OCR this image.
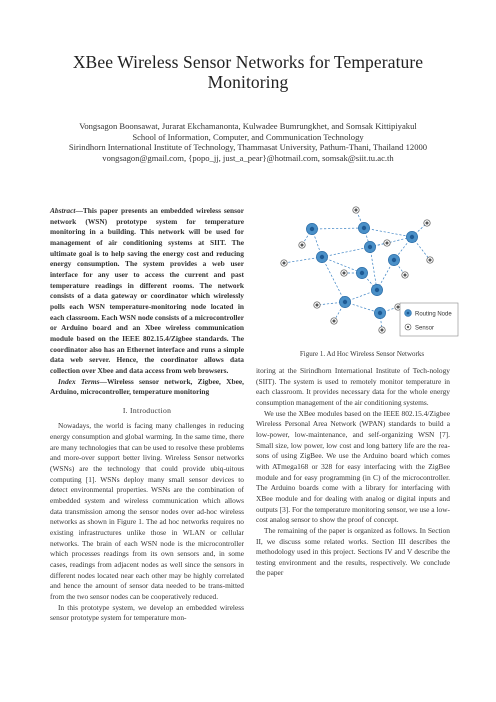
XBee Wireless Sensor Networks for Temperature Monitoring
Vongsagon Boonsawat, Jurarat Ekchamanonta, Kulwadee Bumrungkhet, and Somsak Kittipiyakul
School of Information, Computer, and Communication Technology
Sirindhorn International Institute of Technology, Thammasat University, Pathum-Thani, Thailand 12000
vongsagon@gmail.com, {popo_jj, just_a_pear}@hotmail.com, somsak@siit.tu.ac.th
Abstract—This paper presents an embedded wireless sensor network (WSN) prototype system for temperature monitoring in a building. This network will be used for management of air conditioning systems at SIIT. The ultimate goal is to help saving the energy cost and reducing energy consumption. The system provides a web user interface for any user to access the current and past temperature readings in different rooms. The network consists of a data gateway or coordinator which wirelessly polls each WSN temperature-monitoring node located in each classroom. Each WSN node consists of a microcontroller or Arduino board and an Xbee wireless communication module based on the IEEE 802.15.4/Zigbee standards. The coordinator also has an Ethernet interface and runs a simple data web server. Hence, the coordinator allows data collection over Xbee and data access from web browsers.
Index Terms—Wireless sensor network, Zigbee, Xbee, Arduino, microcontroller, temperature monitoring
I. Introduction

Nowadays, the world is facing many challenges in reducing energy consumption and global warming. In the same time, there are many technologies that can be used to resolve these problems and more-over support better living. Wireless Sensor networks (WSNs) are the technology that could provide ubiq-uitous computing [1]. WSNs deploy many small sensor devices to detect environmental properties. WSNs are the combination of embedded system and wireless communication which allows data transmission among the sensor nodes over ad-hoc wireless networks as shown in Figure 1. The ad hoc networks requires no existing infrastructures unlike those in WLAN or cellular networks. The brain of each WSN node is the microcontroller which processes readings from its own sensors and, in some cases, readings from adjacent nodes as well since the sensors in different nodes located near each other may be highly correlated and hence the amount of sensor data needed to be trans-mitted from the two sensor nodes can be cooperatively reduced.

In this prototype system, we develop an embedded wireless sensor prototype system for temperature mon-

Routing Node
Sensor
Figure 1. Ad Hoc Wireless Sensor Networks

itoring at the Sirindhorn International Institute of Tech-nology (SIIT). The system is used to remotely monitor temperature in each classroom. It provides necessary data for the whole energy consumption management of the air conditioning systems.

We use the XBee modules based on the IEEE 802.15.4/Zigbee Wireless Personal Area Network (WPAN) standards to build a low-power, low-maintenance, and self-organizing WSN [7]. Small size, low power, low cost and long battery life are the rea-sons of using ZigBee. We use the Arduino board which comes with ATmega168 or 328 for easy interfacing with the ZigBee module and for easy programming (in C) of the microcontroller. The Arduino boards come with a library for interfacing with XBee module and for dealing with analog or digital inputs and outputs [3]. For the temperature monitoring sensor, we use a low-cost analog sensor to show the proof of concept.

The remaining of the paper is organized as follows. In Section II, we discuss some related works. Section III describes the methodology used in this project. Sections IV and V describe the testing environment and the results, respectively. We conclude the paper
